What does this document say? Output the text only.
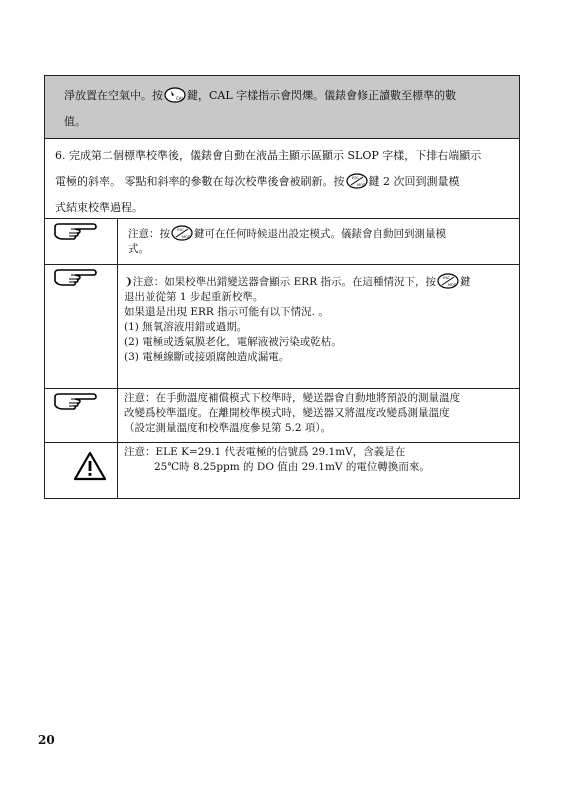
淨放置在空氣中。按	CAL 鍵，CAL 字樣指示會閃爍。儀錶會修正讀數至標準的數
值。
6. 完成第二個標準校準後，儀錶會自動在液晶主顯示區顯示 SLOP 字樣，下排右端顯示
電極的斜率。 零點和斜率的參數在每次校準後會被刷新。按 ESC
MOD 鍵 2 次回到測量模
式結束校準過程。
注意：按 ESC
MOD 鍵可在任何時候退出設定模式。儀錶會自動回到測量模
式。
❩注意：如果校準出錯變送器會顯示 ERR 指示。在這種情況下，按 ESC
MOD 鍵
退出並從第 1 步起重新校準。
如果還是出現 ERR 指示可能有以下情況. 。
(1) 無氧溶液用錯或過期。
(2) 電極或透氣膜老化，電解液被污染或乾枯。
(3) 電極線斷或接頭腐蝕造成漏電。
注意：在手動溫度補償模式下校準時，變送器會自動地將預設的測量溫度
改變爲校準溫度。在離開校準模式時，變送器又將溫度改變爲測量溫度
（設定測量溫度和校準溫度參見第 5.2 項）。
注意：ELE K=29.1 代表電極的信號爲 29.1mV，含義是在
25℃時 8.25ppm 的 DO 值由 29.1mV 的電位轉換而來。
20
